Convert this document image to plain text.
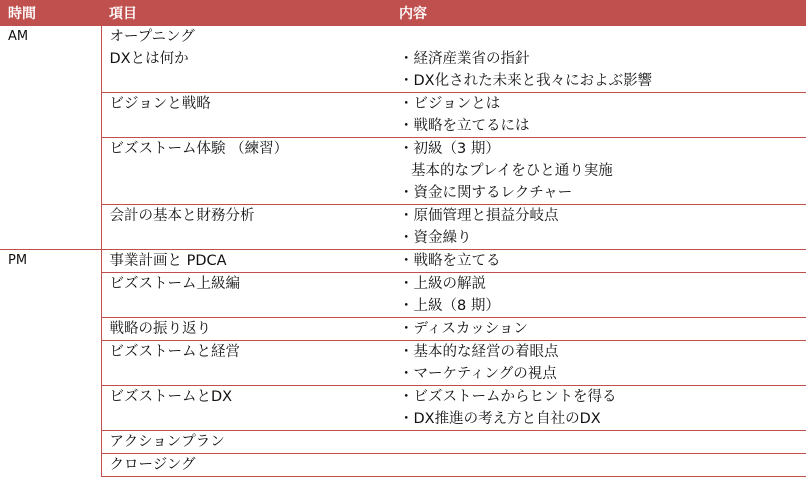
時間	項目	内容
AM	オープニング	
	DXとは何か	・経済産業省の指針
・DX化された未来と我々におよぶ影響

	ビジョンと戦略	・ビジョンとは
・戦略を立てるには

	ビズストーム体験 （練習）	・初級（3 期）
基本的なプレイをひと通り実施
・資金に関するレクチャー

	会計の基本と財務分析	・原価管理と損益分岐点
・資金繰り

PM	事業計画と PDCA	・戦略を立てる

	ビズストーム上級編	・上級の解説
・上級（8 期）

	戦略の振り返り	・ディスカッション

	ビズストームと経営	・基本的な経営の着眼点
・マーケティングの視点

	ビズストームとDX	・ビズストームからヒントを得る
・DX推進の考え方と自社のDX

	アクションプラン	
	クロージング	
